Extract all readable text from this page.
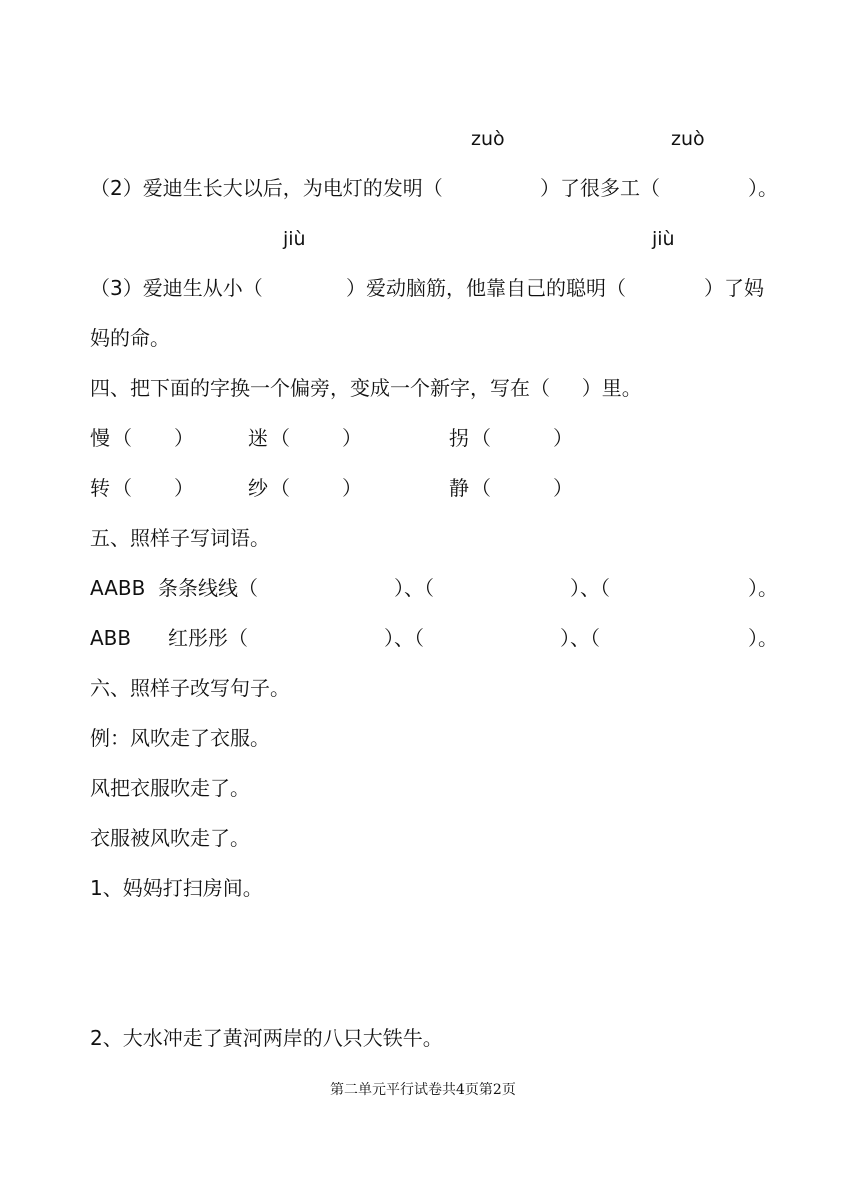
zuò	zuò
（2）爱迪生长大以后，为电灯的发明（	）了很多工（	）。
jiù	jiù
（3）爱迪生从小（	）爱动脑筋，他靠自己的聪明（	）了妈
妈的命。
四、把下面的字换一个偏旁，变成一个新字，写在（     ）里。
慢 （ ）	迷 （	）	拐 （	）
转 （ ）	纱 （	）	静 （	）
五、照样子写词语。
AABB 条条线线（	）、（	）、（	）。
ABB 红彤彤（	）、（	）、（	）。
六、照样子改写句子。
例：风吹走了衣服。
风把衣服吹走了。
衣服被风吹走了。
1、妈妈打扫房间。
2、大水冲走了黄河两岸的八只大铁牛。
第二单元平行试卷共4页第2页
